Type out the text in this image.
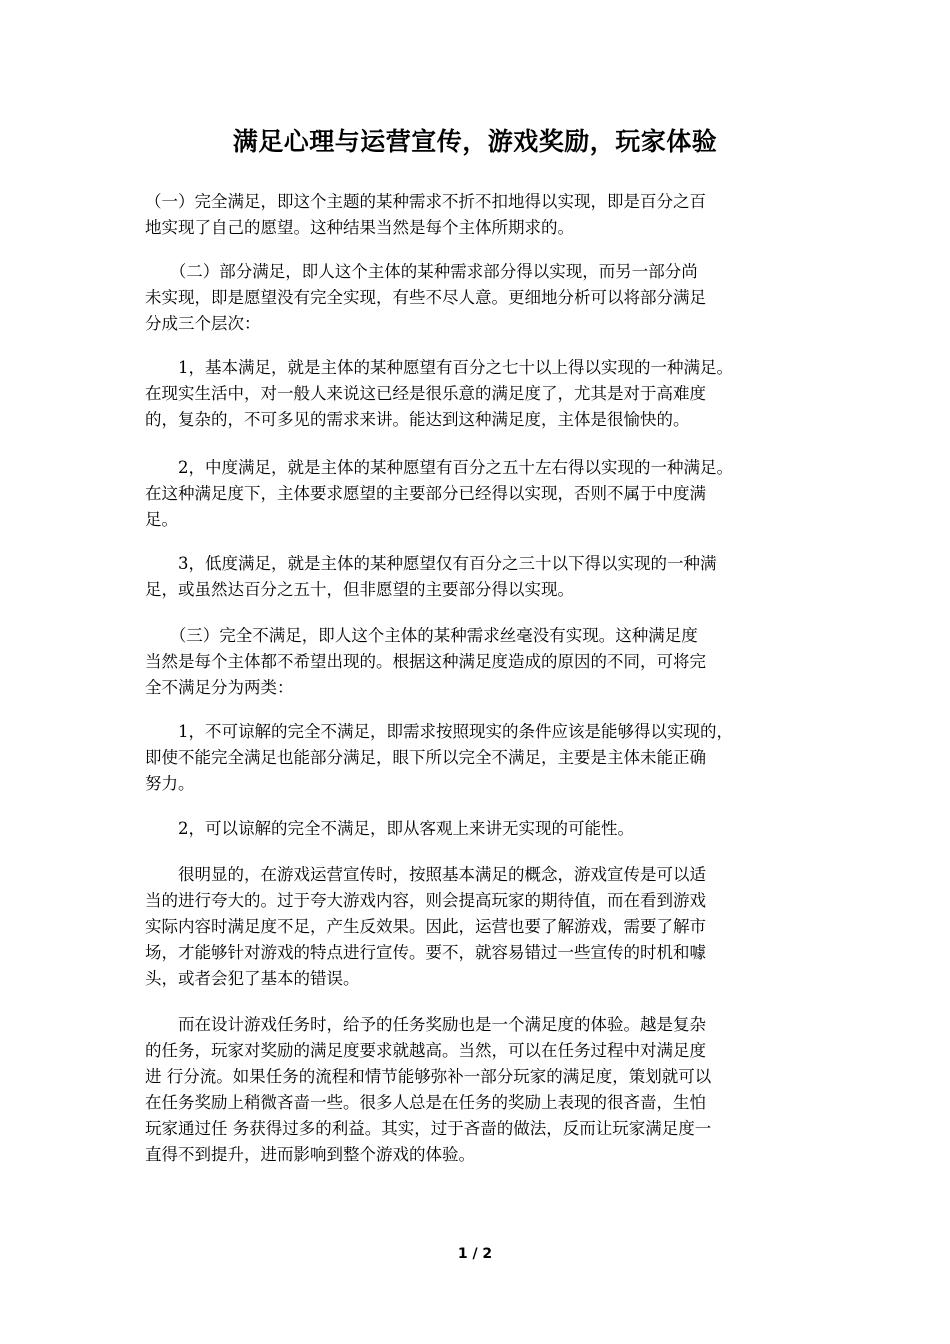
满足心理与运营宣传，游戏奖励，玩家体验
（一）完全满足，即这个主题的某种需求不折不扣地得以实现，即是百分之百
地实现了自己的愿望。这种结果当然是每个主体所期求的。
　　（二）部分满足，即人这个主体的某种需求部分得以实现，而另一部分尚
未实现，即是愿望没有完全实现，有些不尽人意。更细地分析可以将部分满足
分成三个层次：
　　1，基本满足，就是主体的某种愿望有百分之七十以上得以实现的一种满足。
在现实生活中，对一般人来说这已经是很乐意的满足度了，尤其是对于高难度
的，复杂的，不可多见的需求来讲。能达到这种满足度，主体是很愉快的。
　　2，中度满足，就是主体的某种愿望有百分之五十左右得以实现的一种满足。
在这种满足度下，主体要求愿望的主要部分已经得以实现，否则不属于中度满
足。
　　3，低度满足，就是主体的某种愿望仅有百分之三十以下得以实现的一种满
足，或虽然达百分之五十，但非愿望的主要部分得以实现。
　　（三）完全不满足，即人这个主体的某种需求丝毫没有实现。这种满足度
当然是每个主体都不希望出现的。根据这种满足度造成的原因的不同，可将完
全不满足分为两类：
　　1，不可谅解的完全不满足，即需求按照现实的条件应该是能够得以实现的，
即使不能完全满足也能部分满足，眼下所以完全不满足，主要是主体未能正确
努力。
　　2，可以谅解的完全不满足，即从客观上来讲无实现的可能性。
　　很明显的，在游戏运营宣传时，按照基本满足的概念，游戏宣传是可以适
当的进行夸大的。过于夸大游戏内容，则会提高玩家的期待值，而在看到游戏
实际内容时满足度不足，产生反效果。因此，运营也要了解游戏，需要了解市
场，才能够针对游戏的特点进行宣传。要不，就容易错过一些宣传的时机和噱
头，或者会犯了基本的错误。
　　而在设计游戏任务时，给予的任务奖励也是一个满足度的体验。越是复杂
的任务，玩家对奖励的满足度要求就越高。当然，可以在任务过程中对满足度
进 行分流。如果任务的流程和情节能够弥补一部分玩家的满足度，策划就可以
在任务奖励上稍微吝啬一些。很多人总是在任务的奖励上表现的很吝啬，生怕
玩家通过任 务获得过多的利益。其实，过于吝啬的做法，反而让玩家满足度一
直得不到提升，进而影响到整个游戏的体验。
1 / 2
